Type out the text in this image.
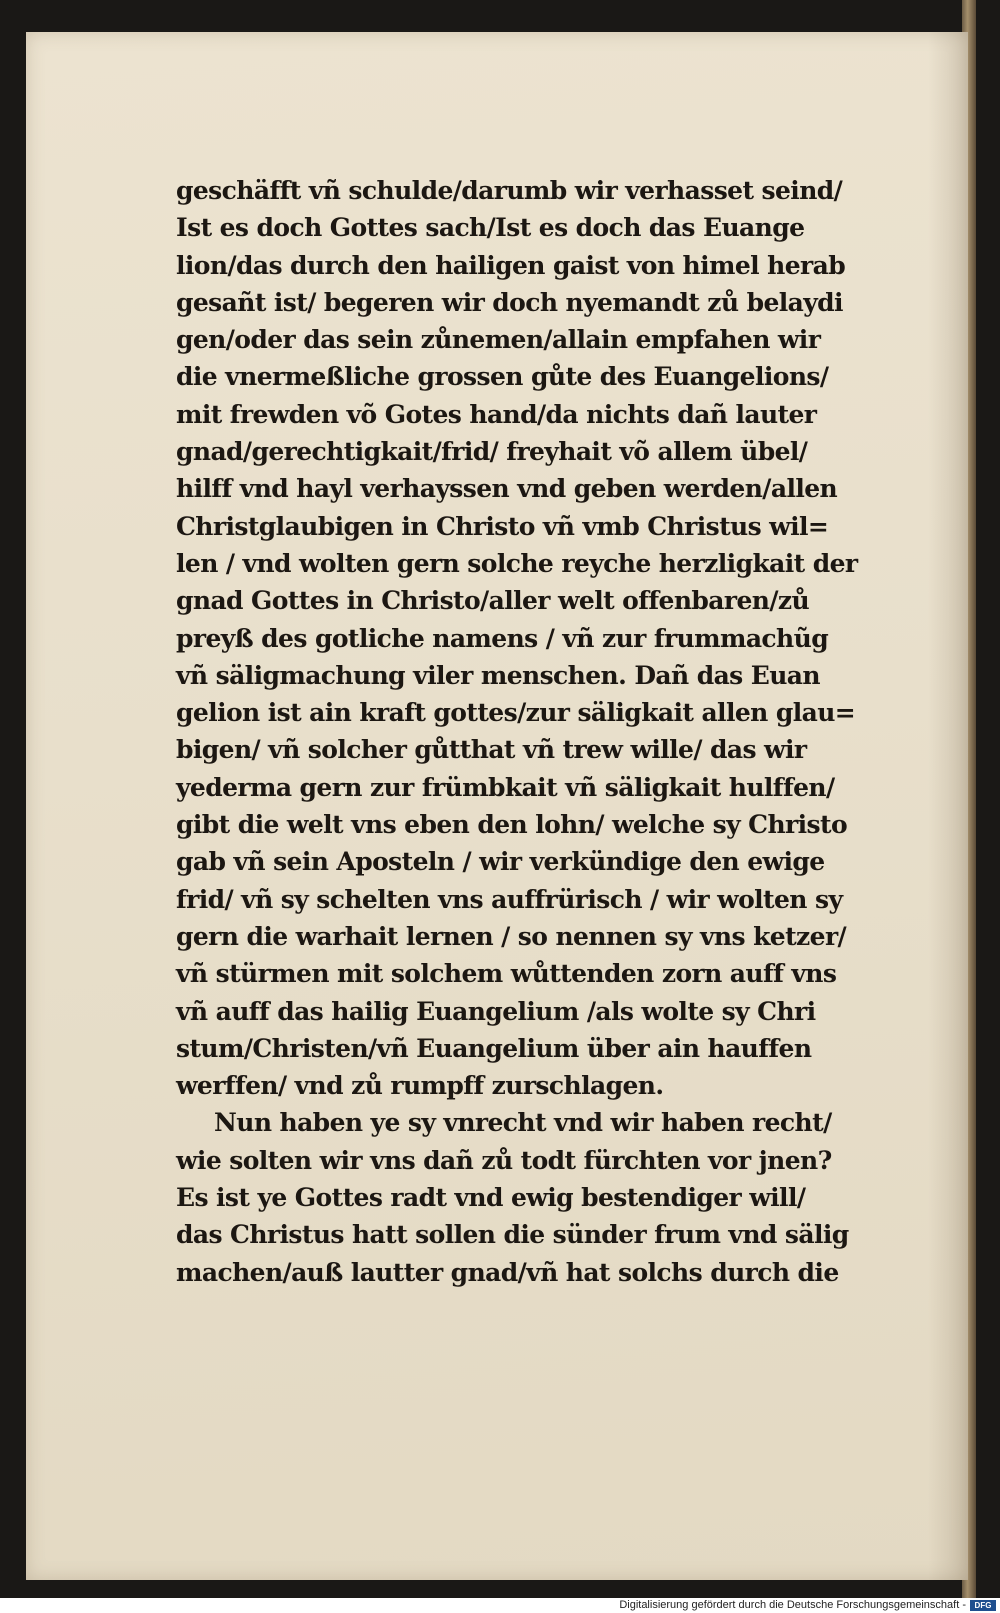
geschäfft vñ schulde/darumb wir verhasset seind/
Ist es doch Gottes sach/Ist es doch das Euange
lion/das durch den hailigen gaist von himel herab
gesañt ist/ begeren wir doch nyemandt zů belaydi
gen/oder das sein zůnemen/allain empfahen wir
die vnermeßliche grossen gůte des Euangelions/
mit frewden võ Gotes hand/da nichts dañ lauter
gnad/gerechtigkait/frid/ freyhait võ allem übel/
hilff vnd hayl verhayssen vnd geben werden/allen
Christglaubigen in Christo vñ vmb Christus wil=
len / vnd wolten gern solche reyche herzligkait der
gnad Gottes in Christo/aller welt offenbaren/zů
preyß des gotliche namens / vñ zur frummachũg
vñ säligmachung viler menschen. Dañ das Euan
gelion ist ain kraft gottes/zur säligkait allen glau=
bigen/ vñ solcher gůtthat vñ trew wille/ das wir
yederma gern zur frümbkait vñ säligkait hulffen/
gibt die welt vns eben den lohn/ welche sy Christo
gab vñ sein Aposteln / wir verkündige den ewige
frid/ vñ sy schelten vns auffrürisch / wir wolten sy
gern die warhait lernen / so nennen sy vns ketzer/
vñ stürmen mit solchem wůttenden zorn auff vns
vñ auff das hailig Euangelium /als wolte sy Chri
stum/Christen/vñ Euangelium über ain hauffen
werffen/ vnd zů rumpff zurschlagen.
Nun haben ye sy vnrecht vnd wir haben recht/
wie solten wir vns dañ zů todt fürchten vor jnen?
Es ist ye Gottes radt vnd ewig bestendiger will/
das Christus hatt sollen die sünder frum vnd sälig
machen/auß lautter gnad/vñ hat solchs durch die
Digitalisierung gefördert durch die Deutsche Forschungsgemeinschaft -	DFG
